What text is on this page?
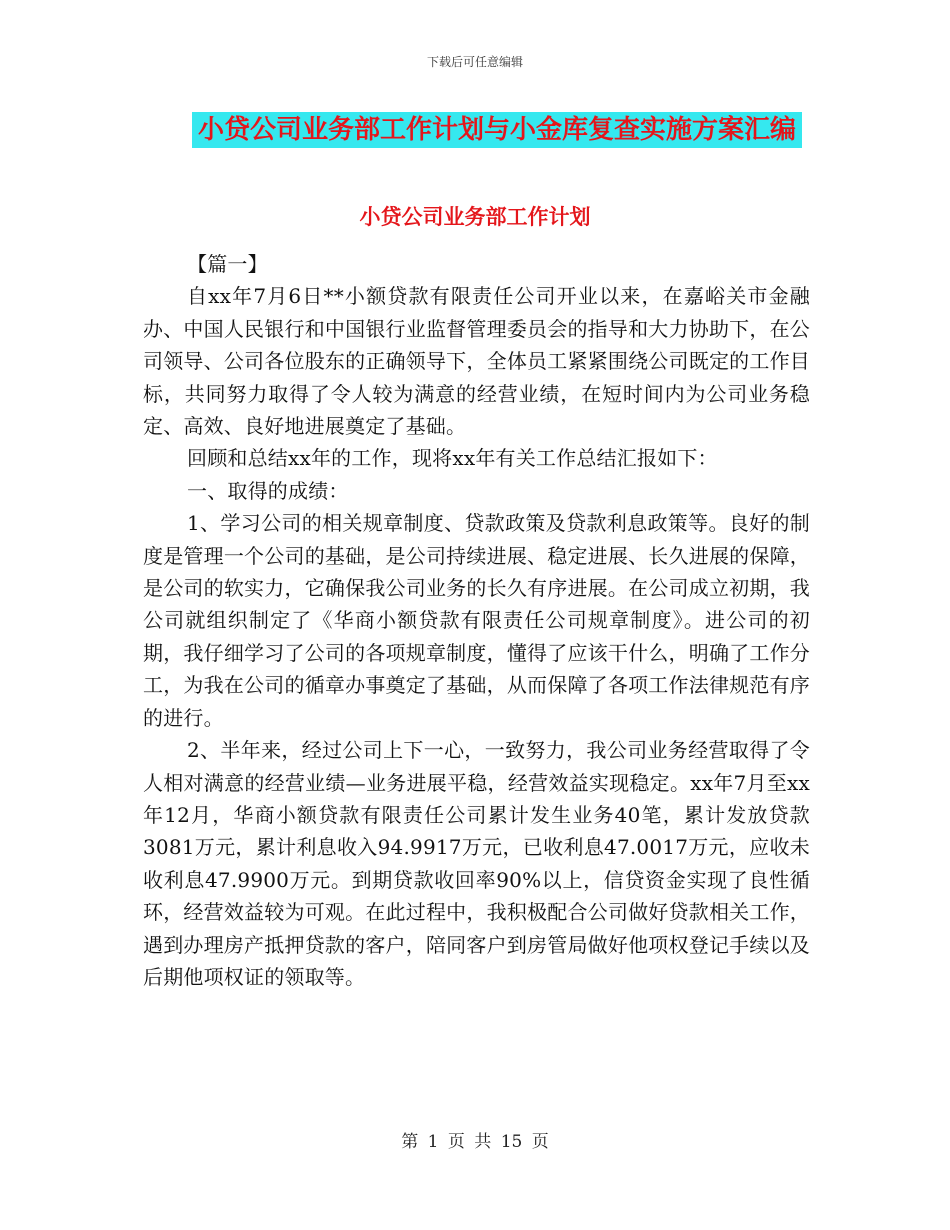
下载后可任意编辑
小贷公司业务部工作计划与小金库复查实施方案汇编
小贷公司业务部工作计划

【篇一】

自xx年7月6日**小额贷款有限责任公司开业以来，在嘉峪关市金融办、中国人民银行和中国银行业监督管理委员会的指导和大力协助下，在公司领导、公司各位股东的正确领导下，全体员工紧紧围绕公司既定的工作目标，共同努力取得了令人较为满意的经营业绩，在短时间内为公司业务稳定、高效、良好地进展奠定了基础。

回顾和总结xx年的工作，现将xx年有关工作总结汇报如下：

一、取得的成绩：

1、学习公司的相关规章制度、贷款政策及贷款利息政策等。良好的制度是管理一个公司的基础，是公司持续进展、稳定进展、长久进展的保障，是公司的软实力，它确保我公司业务的长久有序进展。在公司成立初期，我公司就组织制定了《华商小额贷款有限责任公司规章制度》。进公司的初期，我仔细学习了公司的各项规章制度，懂得了应该干什么，明确了工作分工，为我在公司的循章办事奠定了基础，从而保障了各项工作法律规范有序的进行。

2、半年来，经过公司上下一心，一致努力，我公司业务经营取得了令人相对满意的经营业绩—业务进展平稳，经营效益实现稳定。xx年7月至xx年12月，华商小额贷款有限责任公司累计发生业务40笔，累计发放贷款3081万元，累计利息收入94.9917万元，已收利息47.0017万元，应收未收利息47.9900万元。到期贷款收回率90%以上，信贷资金实现了良性循环，经营效益较为可观。在此过程中，我积极配合公司做好贷款相关工作，遇到办理房产抵押贷款的客户，陪同客户到房管局做好他项权登记手续以及后期他项权证的领取等。

第 1 页 共 15 页
